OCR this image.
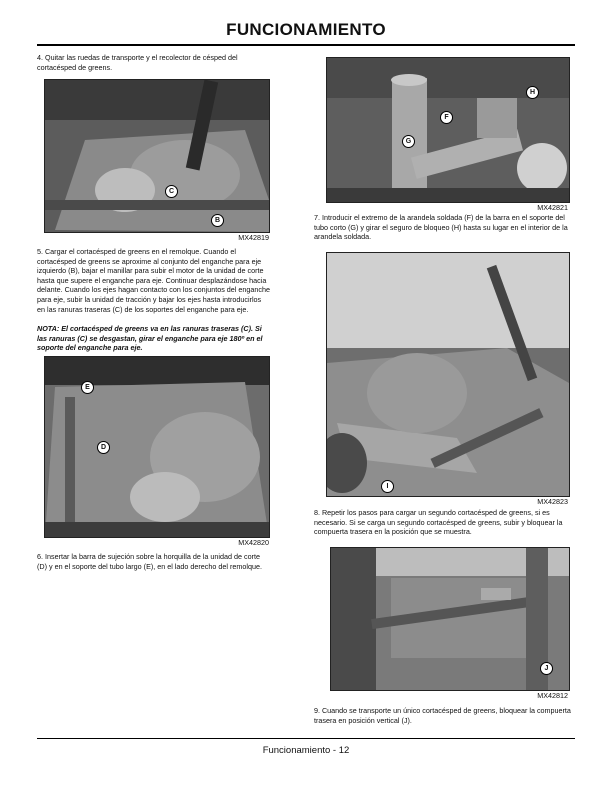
FUNCIONAMIENTO
4. Quitar las ruedas de transporte y el recolector de césped del cortacésped de greens.
C
B
MX42819
5. Cargar el cortacésped de greens en el remolque. Cuando el cortacésped de greens se aproxime al conjunto del enganche para eje izquierdo (B), bajar el manillar para subir el motor de la unidad de corte hasta que supere el enganche para eje. Continuar desplazándose hacia delante. Cuando los ejes hagan contacto con los conjuntos del enganche para eje, subir la unidad de tracción y bajar los ejes hasta introducirlos en las ranuras traseras (C) de los soportes del enganche para eje.
NOTA: El cortacésped de greens va en las ranuras traseras (C). Si las ranuras (C) se desgastan, girar el enganche para eje 180º en el soporte del enganche para eje.
E
D
MX42820
6. Insertar la barra de sujeción sobre la horquilla de la unidad de corte (D) y en el soporte del tubo largo (E), en el lado derecho del remolque.
H
F
G
MX42821
7. Introducir el extremo de la arandela soldada (F) de la barra en el soporte del tubo corto (G) y girar el seguro de bloqueo (H) hasta su lugar en el interior de la arandela soldada.
I
MX42823
8. Repetir los pasos para cargar un segundo cortacésped de greens, si es necesario. Si se carga un segundo cortacésped de greens, subir y bloquear la compuerta trasera en la posición que se muestra.
J
MX42812
9. Cuando se transporte un único cortacésped de greens, bloquear la compuerta trasera en posición vertical (J).
Funcionamiento - 12
